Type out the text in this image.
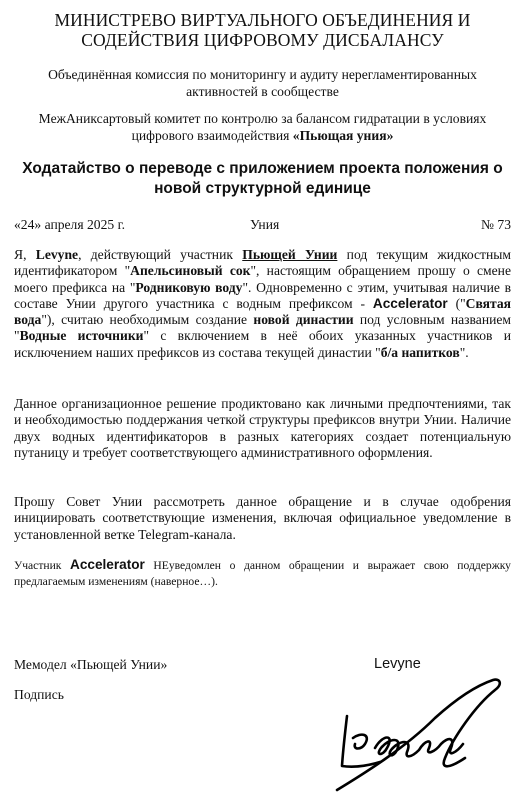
МИНИСТРЕВО ВИРТУАЛЬНОГО ОБЪЕДИНЕНИЯ И СОДЕЙСТВИЯ ЦИФРОВОМУ ДИСБАЛАНСУ
Объединённая комиссия по мониторингу и аудиту нерегламентированных активностей в сообществе
МежАниксартовый комитет по контролю за балансом гидратации в условиях цифрового взаимодействия «Пьющая уния»
Ходатайство о переводе с приложением проекта положения о новой структурной единице
«24» апреля 2025 г.	Уния	№ 73

Я, Levyne, действующий участник Пьющей Унии под текущим жидкостным идентификатором "Апельсиновый сок", настоящим обращением прошу о смене моего префикса на "Родниковую воду". Одновременно с этим, учитывая наличие в составе Унии другого участника с водным префиксом - Accelerator ("Святая вода"), считаю необходимым создание новой династии под условным названием "Водные источники" с включением в неё обоих указанных участников и исключением наших префиксов из состава текущей династии "б/а напитков".

Данное организационное решение продиктовано как личными предпочтениями, так и необходимостью поддержания четкой структуры префиксов внутри Унии. Наличие двух водных идентификаторов в разных категориях создает потенциальную путаницу и требует соответствующего административного оформления.

Прошу Совет Унии рассмотреть данное обращение и в случае одобрения инициировать соответствующие изменения, включая официальное уведомление в установленной ветке Telegram-канала.

Участник Accelerator НЕуведомлен о данном обращении и выражает свою поддержку предлагаемым изменениям (наверное…).

Мемодел «Пьющей Унии»	Levyne
Подпись
